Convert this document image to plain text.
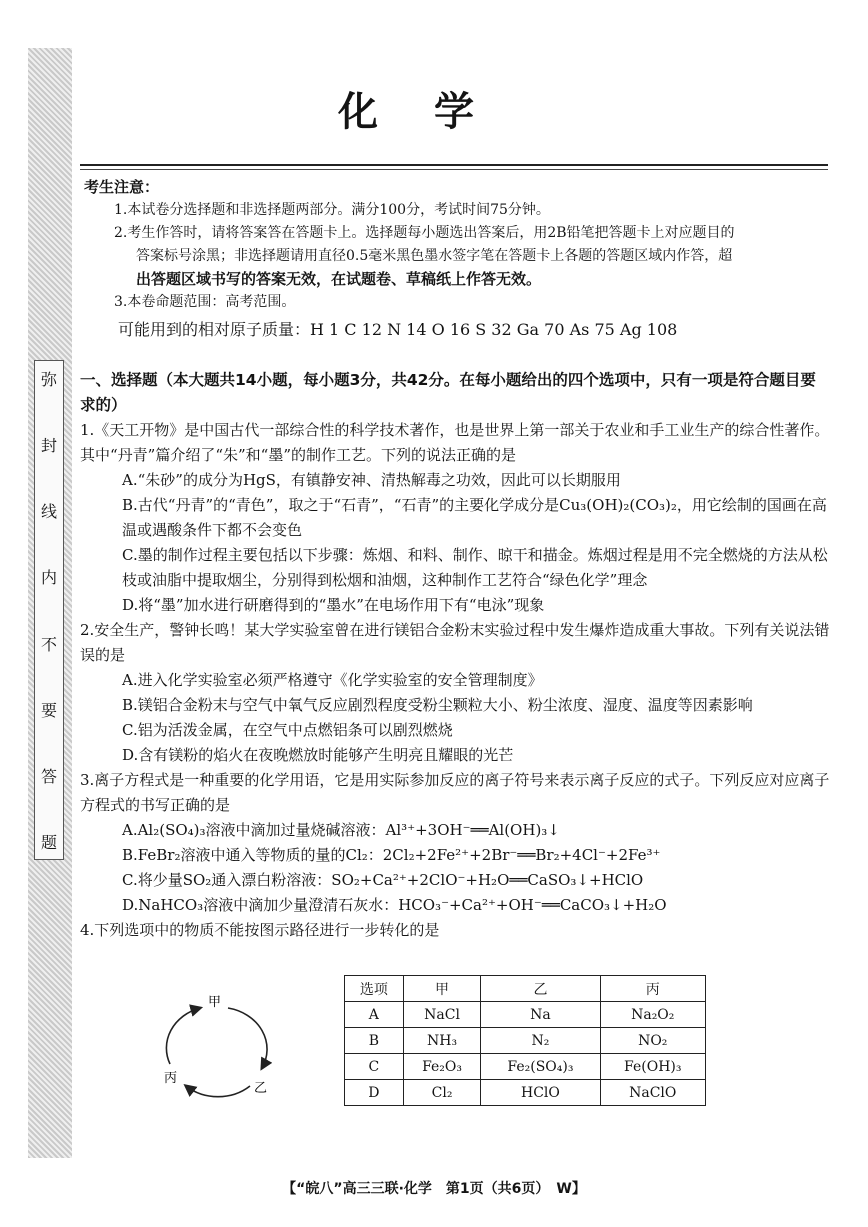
弥
封
线
内
不
要
答
题
化学
考生注意：
1.本试卷分选择题和非选择题两部分。满分100分，考试时间75分钟。
2.考生作答时，请将答案答在答题卡上。选择题每小题选出答案后，用2B铅笔把答题卡上对应题目的
答案标号涂黑；非选择题请用直径0.5毫米黑色墨水签字笔在答题卡上各题的答题区域内作答，超
出答题区域书写的答案无效，在试题卷、草稿纸上作答无效。
3.本卷命题范围：高考范围。
可能用到的相对原子质量：H 1 C 12 N 14 O 16 S 32 Ga 70 As 75 Ag 108
一、选择题（本大题共14小题，每小题3分，共42分。在每小题给出的四个选项中，只有一项是符合题目要求的）
1.《天工开物》是中国古代一部综合性的科学技术著作，也是世界上第一部关于农业和手工业生产的综合性著作。其中“丹青”篇介绍了“朱”和“墨”的制作工艺。下列的说法正确的是
A.“朱砂”的成分为HgS，有镇静安神、清热解毒之功效，因此可以长期服用
B.古代“丹青”的“青色”，取之于“石青”，“石青”的主要化学成分是Cu₃(OH)₂(CO₃)₂，用它绘制的国画在高温或遇酸条件下都不会变色
C.墨的制作过程主要包括以下步骤：炼烟、和料、制作、晾干和描金。炼烟过程是用不完全燃烧的方法从松枝或油脂中提取烟尘，分别得到松烟和油烟，这种制作工艺符合“绿色化学”理念
D.将“墨”加水进行研磨得到的“墨水”在电场作用下有“电泳”现象
2.安全生产，警钟长鸣！某大学实验室曾在进行镁铝合金粉末实验过程中发生爆炸造成重大事故。下列有关说法错误的是
A.进入化学实验室必须严格遵守《化学实验室的安全管理制度》
B.镁铝合金粉末与空气中氧气反应剧烈程度受粉尘颗粒大小、粉尘浓度、湿度、温度等因素影响
C.铝为活泼金属，在空气中点燃铝条可以剧烈燃烧
D.含有镁粉的焰火在夜晚燃放时能够产生明亮且耀眼的光芒
3.离子方程式是一种重要的化学用语，它是用实际参加反应的离子符号来表示离子反应的式子。下列反应对应离子方程式的书写正确的是
A.Al₂(SO₄)₃溶液中滴加过量烧碱溶液：Al³⁺+3OH⁻══Al(OH)₃↓
B.FeBr₂溶液中通入等物质的量的Cl₂：2Cl₂+2Fe²⁺+2Br⁻══Br₂+4Cl⁻+2Fe³⁺
C.将少量SO₂通入漂白粉溶液：SO₂+Ca²⁺+2ClO⁻+H₂O══CaSO₃↓+HClO
D.NaHCO₃溶液中滴加少量澄清石灰水：HCO₃⁻+Ca²⁺+OH⁻══CaCO₃↓+H₂O
4.下列选项中的物质不能按图示路径进行一步转化的是
甲
乙
丙
选项	甲	乙	丙
A	NaCl	Na	Na₂O₂
B	NH₃	N₂	NO₂
C	Fe₂O₃	Fe₂(SO₄)₃	Fe(OH)₃
D	Cl₂	HClO	NaClO
【“皖八”高三三联·化学　第1页（共6页）　W】
